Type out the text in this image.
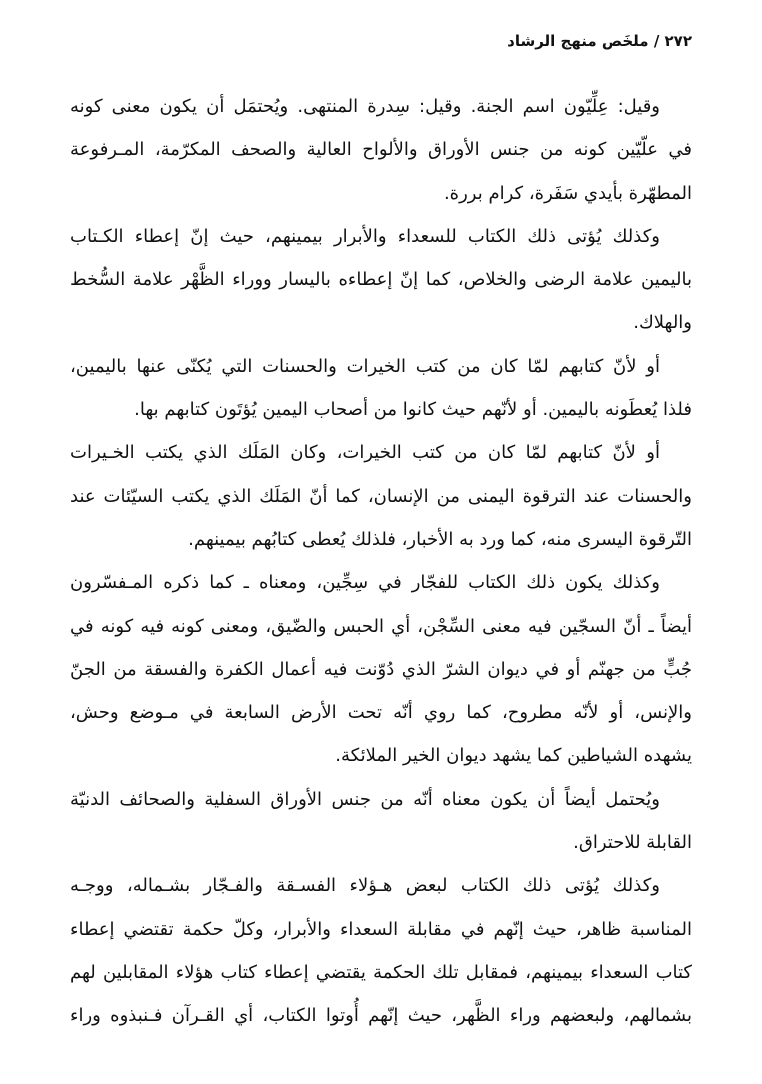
٢٧٢ / ملخَص منهج الرشاد
وقيل: عِلِّيّون اسم الجنة. وقيل: سِدرة المنتهى. ويُحتمَل أن يكون معنى كونه
في علّيّين كونه من جنس الأوراق والألواح العالية والصحف المكرّمة، المـرفوعة
المطهّرة بأيدي سَفَرة، كرام بررة.
وكذلك يُؤتى ذلك الكتاب للسعداء والأبرار بيمينهم، حيث إنّ إعطاء الكـتاب
باليمين علامة الرضى والخلاص، كما إنّ إعطاءه باليسار ووراء الظَّهْر علامة السُّخط
والهلاك.
أو لأنّ كتابهم لمّا كان من كتب الخيرات والحسنات التي يُكنّى عنها باليمين،
فلذا يُعطَونه باليمين. أو لأنّهم حيث كانوا من أصحاب اليمين يُؤتَون كتابهم بها.
أو لأنّ كتابهم لمّا كان من كتب الخيرات، وكان المَلَك الذي يكتب الخـيرات
والحسنات عند الترقوة اليمنى من الإنسان، كما أنّ المَلَك الذي يكتب السيّئات عند
التّرقوة اليسرى منه، كما ورد به الأخبار، فلذلك يُعطى كتابُهم بيمينهم.
وكذلك يكون ذلك الكتاب للفجّار في سِجِّين، ومعناه ـ كما ذكره المـفسّرون
أيضاً ـ أنّ السجّين فيه معنى السِّجْن، أي الحبس والضّيق، ومعنى كونه فيه كونه في
جُبٍّ من جهنّم أو في ديوان الشرّ الذي دُوّنت فيه أعمال الكفرة والفسقة من الجنّ
والإنس، أو لأنّه مطروح، كما روي أنّه تحت الأرض السابعة في مـوضع وحش،
يشهده الشياطين كما يشهد ديوان الخير الملائكة.
ويُحتمل أيضاً أن يكون معناه أنّه من جنس الأوراق السفلية والصحائف الدنيّة
القابلة للاحتراق.
وكذلك يُؤتى ذلك الكتاب لبعض هـؤلاء الفسـقة والفـجّار بشـماله، ووجـه
المناسبة ظاهر، حيث إنّهم في مقابلة السعداء والأبرار، وكلّ حكمة تقتضي إعطاء
كتاب السعداء بيمينهم، فمقابل تلك الحكمة يقتضي إعطاء كتاب هؤلاء المقابلين لهم
بشمالهم، ولبعضهم وراء الظَّهر، حيث إنّهم أُوتوا الكتاب، أي القـرآن فـنبذوه وراء
